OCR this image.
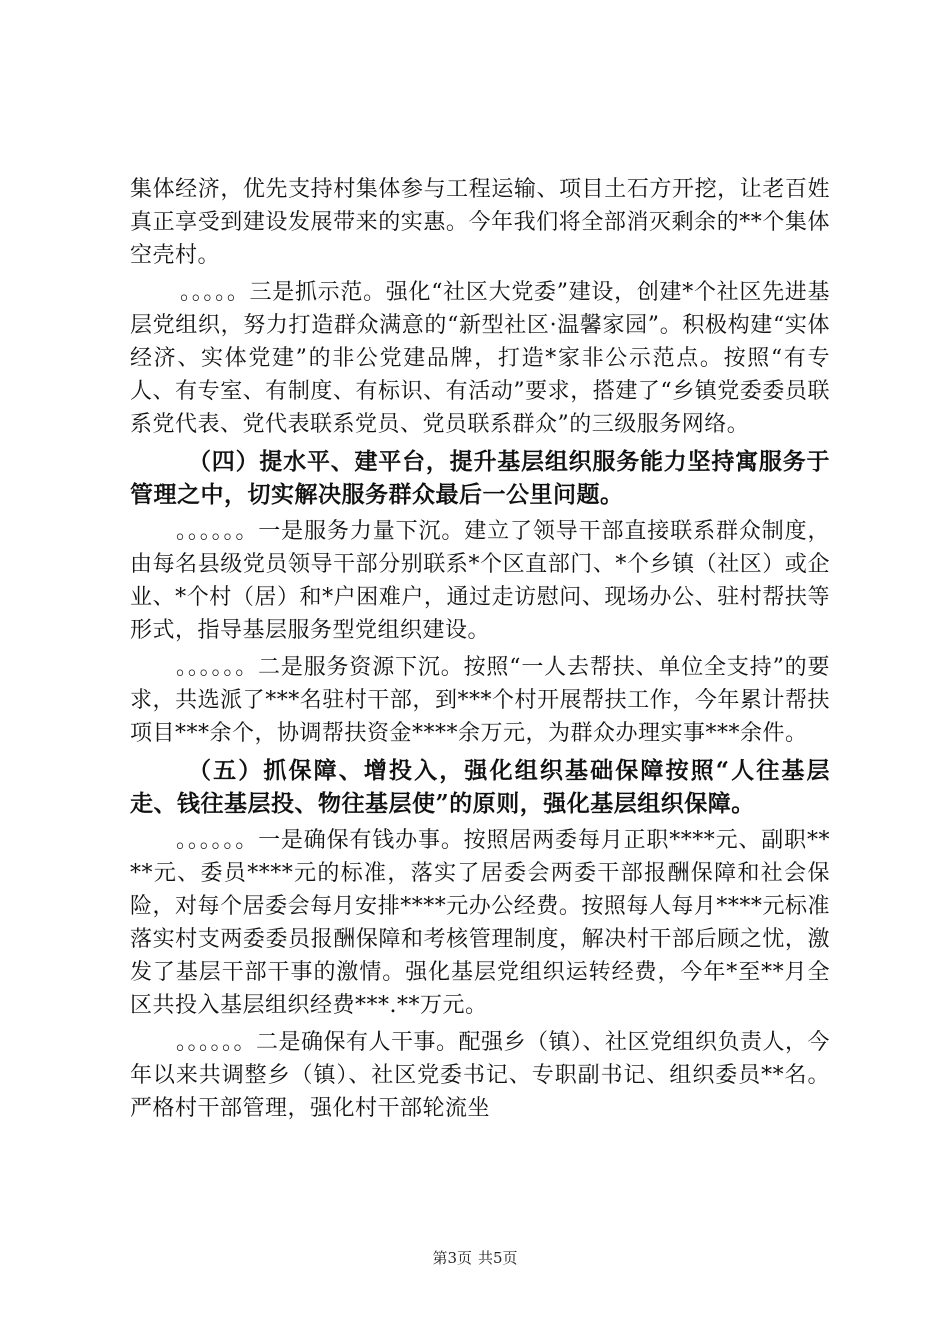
集体经济，优先支持村集体参与工程运输、项目土石方开挖，让老百姓真正享受到建设发展带来的实惠。今年我们将全部消灭剩余的**个集体空壳村。

。。。。。三是抓示范。强化“社区大党委”建设，创建*个社区先进基层党组织，努力打造群众满意的“新型社区·温馨家园”。积极构建“实体经济、实体党建”的非公党建品牌，打造*家非公示范点。按照“有专人、有专室、有制度、有标识、有活动”要求，搭建了“乡镇党委委员联系党代表、党代表联系党员、党员联系群众”的三级服务网络。

（四）提水平、建平台，提升基层组织服务能力坚持寓服务于管理之中，切实解决服务群众最后一公里问题。

。。。。。。一是服务力量下沉。建立了领导干部直接联系群众制度，由每名县级党员领导干部分别联系*个区直部门、*个乡镇（社区）或企业、*个村（居）和*户困难户，通过走访慰问、现场办公、驻村帮扶等形式，指导基层服务型党组织建设。

。。。。。。二是服务资源下沉。按照“一人去帮扶、单位全支持”的要求，共选派了***名驻村干部，到***个村开展帮扶工作，今年累计帮扶项目***余个，协调帮扶资金****余万元，为群众办理实事***余件。

（五）抓保障、增投入，强化组织基础保障按照“人往基层走、钱往基层投、物往基层使”的原则，强化基层组织保障。

。。。。。。一是确保有钱办事。按照居两委每月正职****元、副职****元、委员****元的标准，落实了居委会两委干部报酬保障和社会保险，对每个居委会每月安排****元办公经费。按照每人每月****元标准落实村支两委委员报酬保障和考核管理制度，解决村干部后顾之忧，激发了基层干部干事的激情。强化基层党组织运转经费，今年*至**月全区共投入基层组织经费***.**万元。

。。。。。。二是确保有人干事。配强乡（镇）、社区党组织负责人，今年以来共调整乡（镇）、社区党委书记、专职副书记、组织委员**名。严格村干部管理，强化村干部轮流坐

第3页 共5页
